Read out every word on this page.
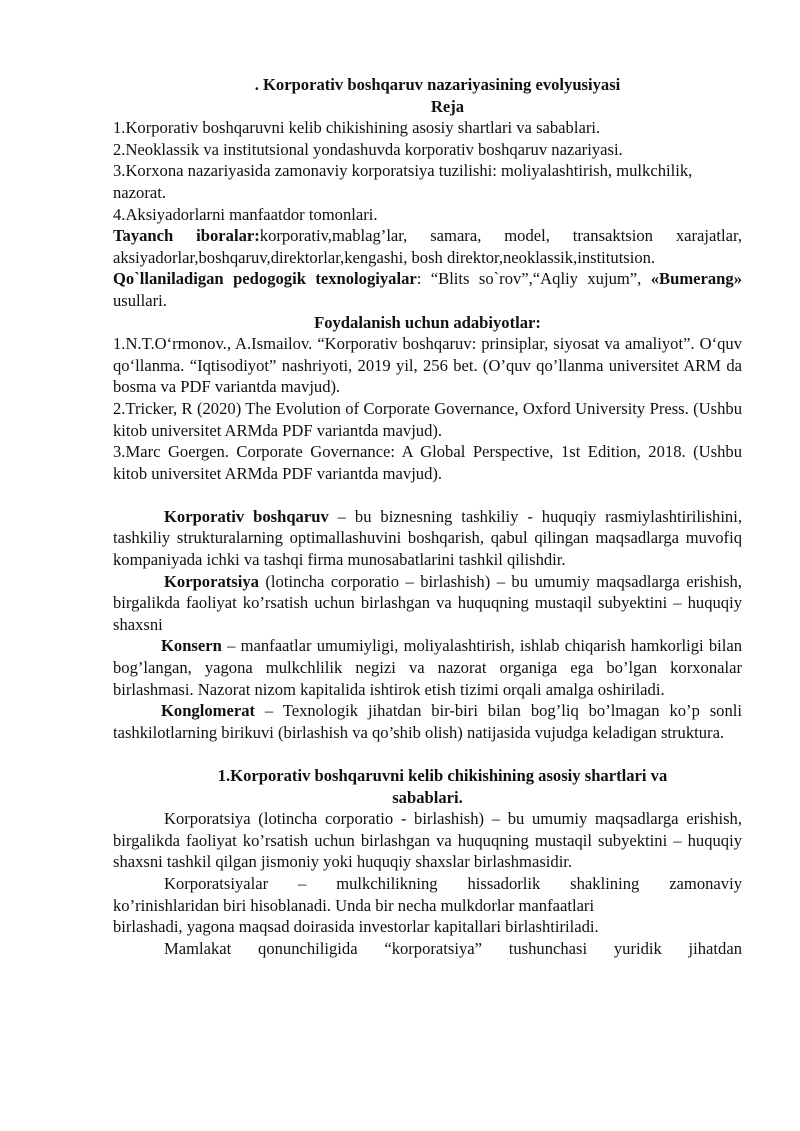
. Korporativ boshqaruv nazariyasining evolyusiyasi

Reja

1.Korporativ boshqaruvni kelib chikishining asosiy shartlari va sabablari.

2.Neoklassik va institutsional yondashuvda korporativ boshqaruv nazariyasi.

3.Korxona nazariyasida zamonaviy korporatsiya tuzilishi: moliyalashtirish, mulkchilik, nazorat.

4.Aksiyadorlarni manfaatdor tomonlari.

Tayanch iboralar:korporativ,mablag’lar, samara, model, transaktsion xarajatlar, aksiyadorlar,boshqaruv,direktorlar,kengashi, bosh direktor,neoklassik,institutsion.

Qo`llaniladigan pedogogik texnologiyalar: “Blits so`rov”,“Aqliy xujum”, «Bumerang» usullari.

Foydalanish uchun adabiyotlar:

1.N.T.O‘rmonov., A.Ismailov. “Korporativ boshqaruv: prinsiplar, siyosat va amaliyot”. O‘quv qo‘llanma. “Iqtisodiyot” nashriyoti, 2019 yil, 256 bet. (O’quv qo’llanma universitet ARM da bosma va PDF variantda mavjud).

2.Tricker, R (2020) The Evolution of Corporate Governance, Oxford University Press. (Ushbu kitob universitet ARMda PDF variantda mavjud).

3.Marc Goergen. Corporate Governance: A Global Perspective, 1st Edition, 2018. (Ushbu kitob universitet ARMda PDF variantda mavjud).

Korporativ boshqaruv – bu biznesning tashkiliy - huquqiy rasmiylashtirilishini, tashkiliy strukturalarning optimallashuvini boshqarish, qabul qilingan maqsadlarga muvofiq kompaniyada ichki va tashqi firma munosabatlarini tashkil qilishdir.

Korporatsiya (lotincha corporatio – birlashish) – bu umumiy maqsadlarga erishish, birgalikda faoliyat ko’rsatish uchun birlashgan va huquqning mustaqil subyektini – huquqiy shaxsni

Konsern – manfaatlar umumiyligi, moliyalashtirish, ishlab chiqarish hamkorligi bilan bog’langan, yagona mulkchlilik negizi va nazorat organiga ega bo’lgan korxonalar birlashmasi. Nazorat nizom kapitalida ishtirok etish tizimi orqali amalga oshiriladi.

Konglomerat – Texnologik jihatdan bir-biri bilan bog’liq bo’lmagan ko’p sonli tashkilotlarning birikuvi (birlashish va qo’shib olish) natijasida vujudga keladigan struktura.

1.Korporativ boshqaruvni kelib chikishining asosiy shartlari va

sabablari.

Korporatsiya (lotincha corporatio - birlashish) – bu umumiy maqsadlarga erishish, birgalikda faoliyat ko’rsatish uchun birlashgan va huquqning mustaqil subyektini – huquqiy shaxsni tashkil qilgan jismoniy yoki huquqiy shaxslar birlashmasidir.

Korporatsiyalar – mulkchilikning hissadorlik shaklining zamonaviy

ko’rinishlaridan biri hisoblanadi. Unda bir necha mulkdorlar manfaatlari

birlashadi, yagona maqsad doirasida investorlar kapitallari birlashtiriladi.

Mamlakat qonunchiligida “korporatsiya” tushunchasi yuridik jihatdan
